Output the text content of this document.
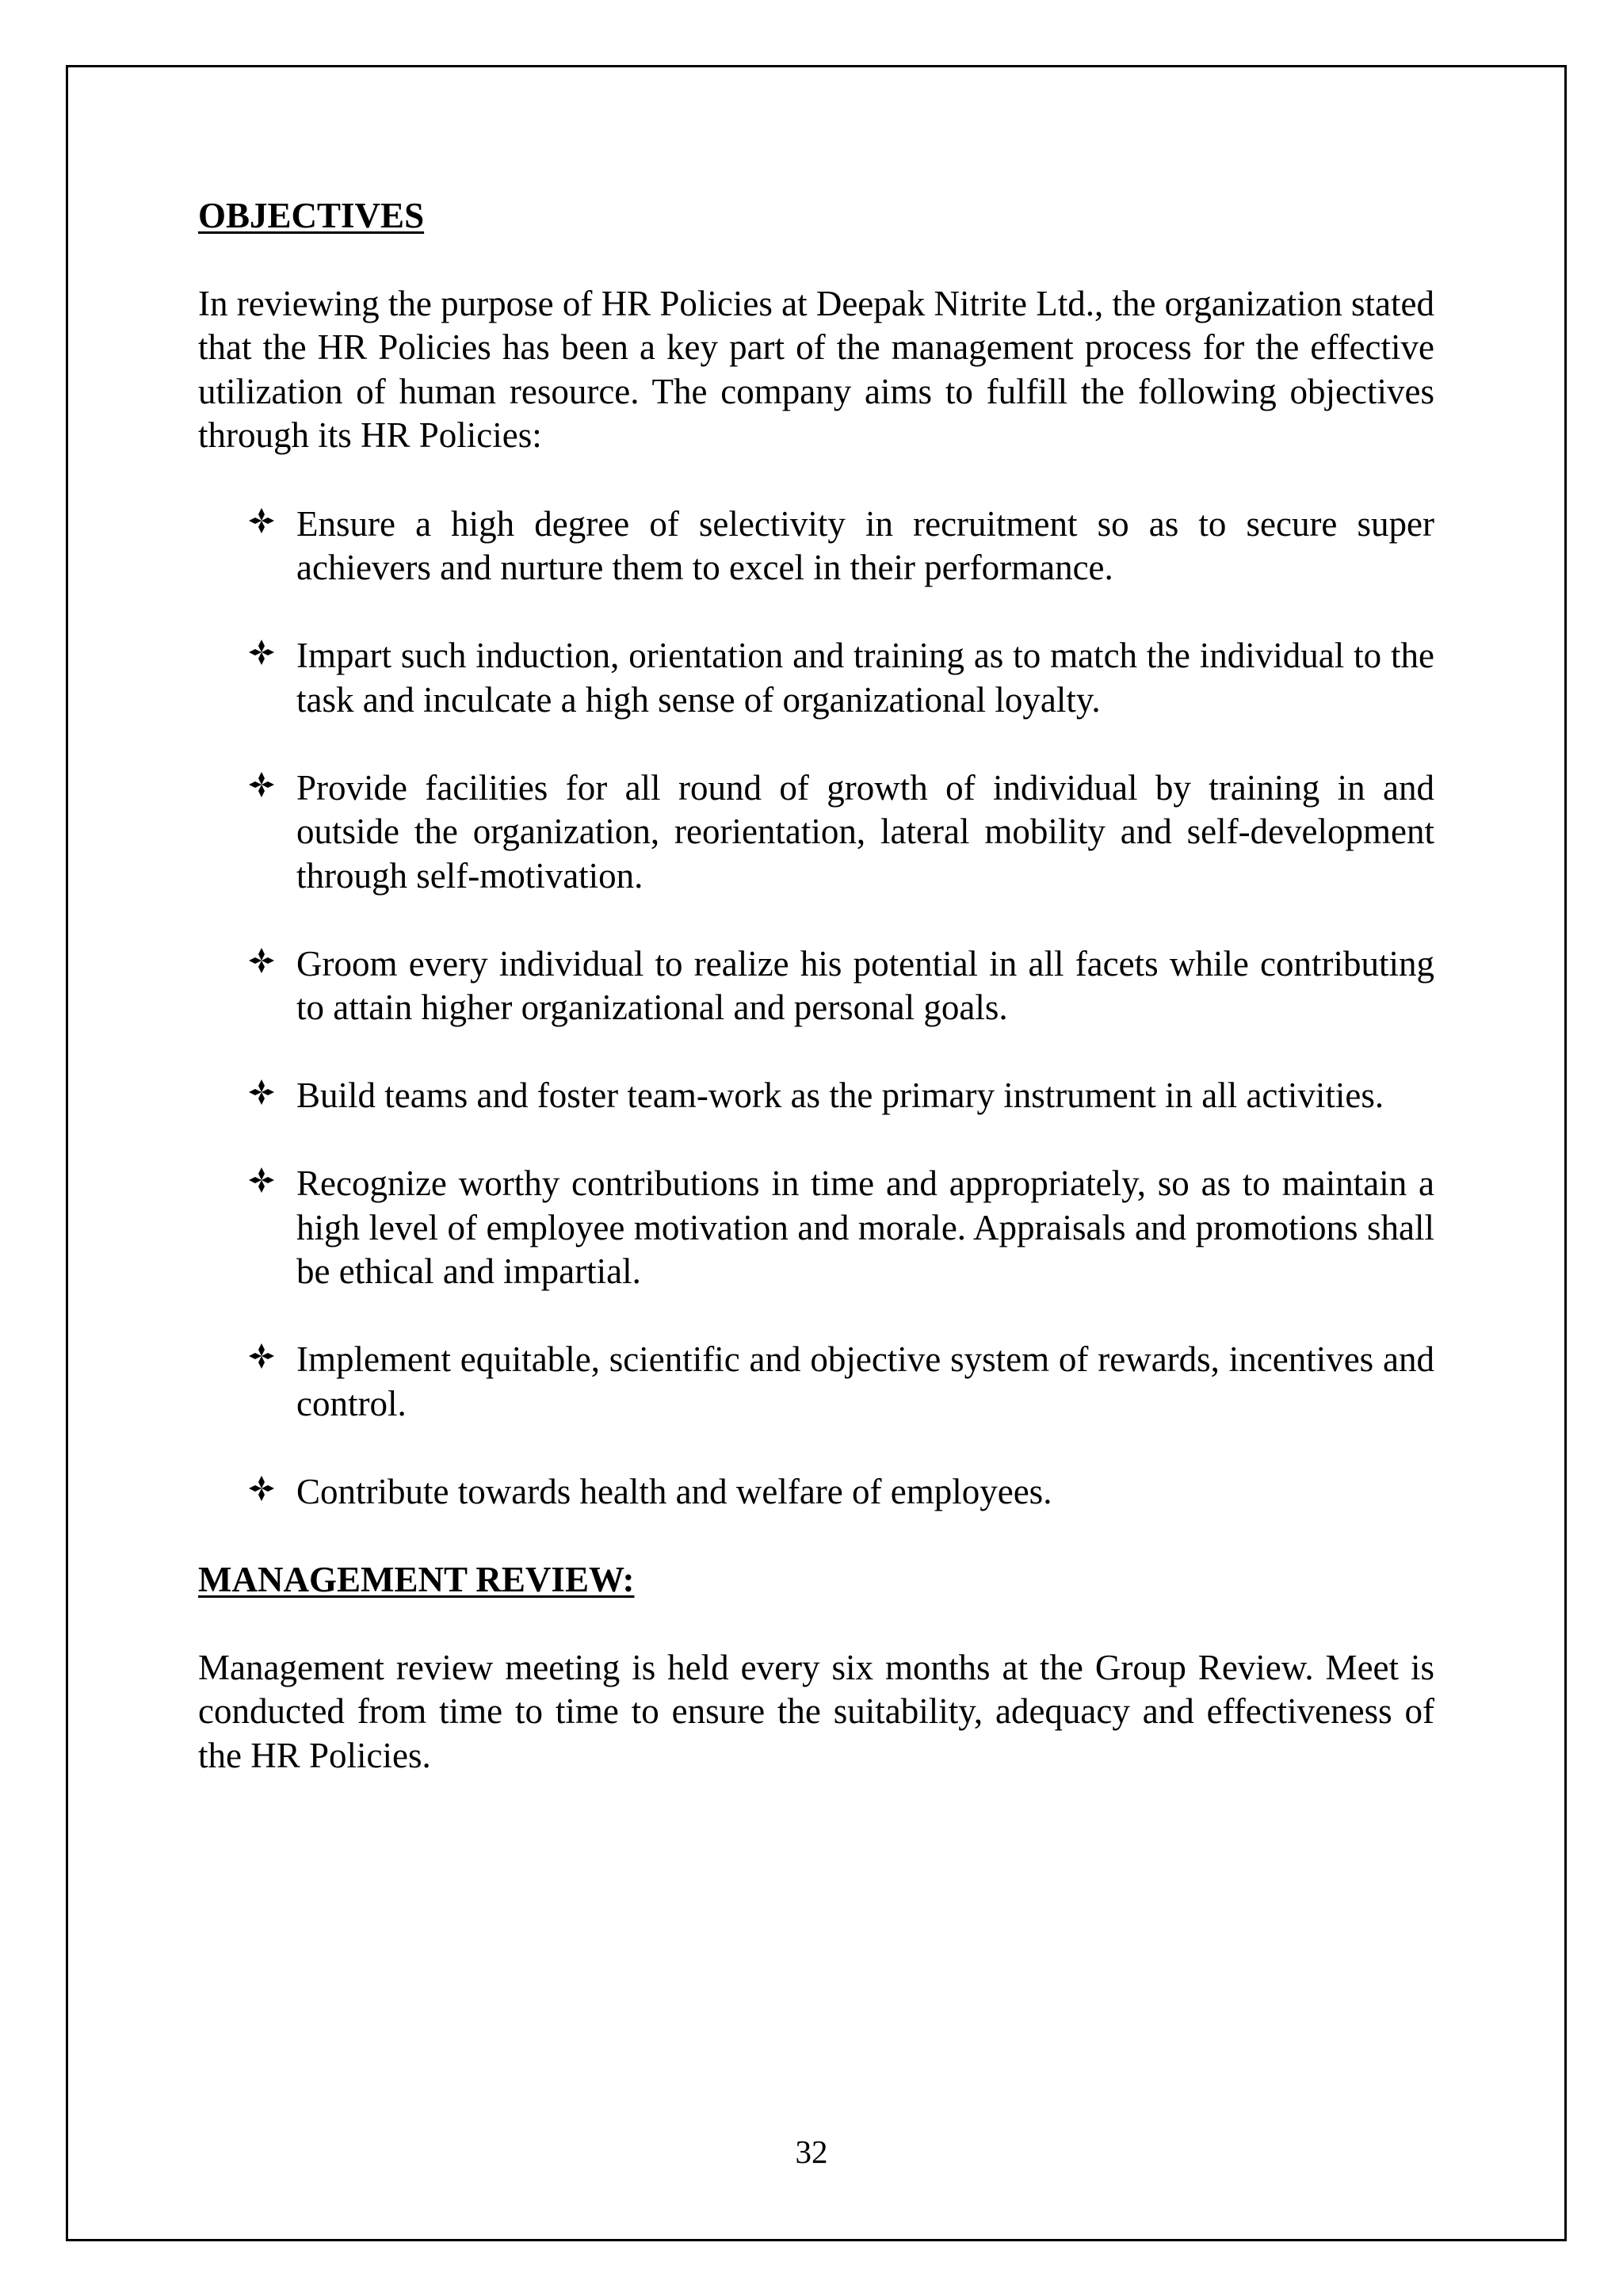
OBJECTIVES

In reviewing the purpose of HR Policies at Deepak Nitrite Ltd., the organization stated that the HR Policies has been a key part of the management process for the effective utilization of human resource. The company aims to fulfill the following objectives through its HR Policies:

Ensure a high degree of selectivity in recruitment so as to secure super achievers and nurture them to excel in their performance.
Impart such induction, orientation and training as to match the individual to the task and inculcate a high sense of organizational loyalty.
Provide facilities for all round of growth of individual by training in and outside the organization, reorientation, lateral mobility and self-development through self-motivation.
Groom every individual to realize his potential in all facets while contributing to attain higher organizational and personal goals.
Build teams and foster team-work as the primary instrument in all activities.
Recognize worthy contributions in time and appropriately, so as to maintain a high level of employee motivation and morale. Appraisals and promotions shall be ethical and impartial.
Implement equitable, scientific and objective system of rewards, incentives and control.
Contribute towards health and welfare of employees.
MANAGEMENT REVIEW:

Management review meeting is held every six months at the Group Review. Meet is conducted from time to time to ensure the suitability, adequacy and effectiveness of the HR Policies.

32
